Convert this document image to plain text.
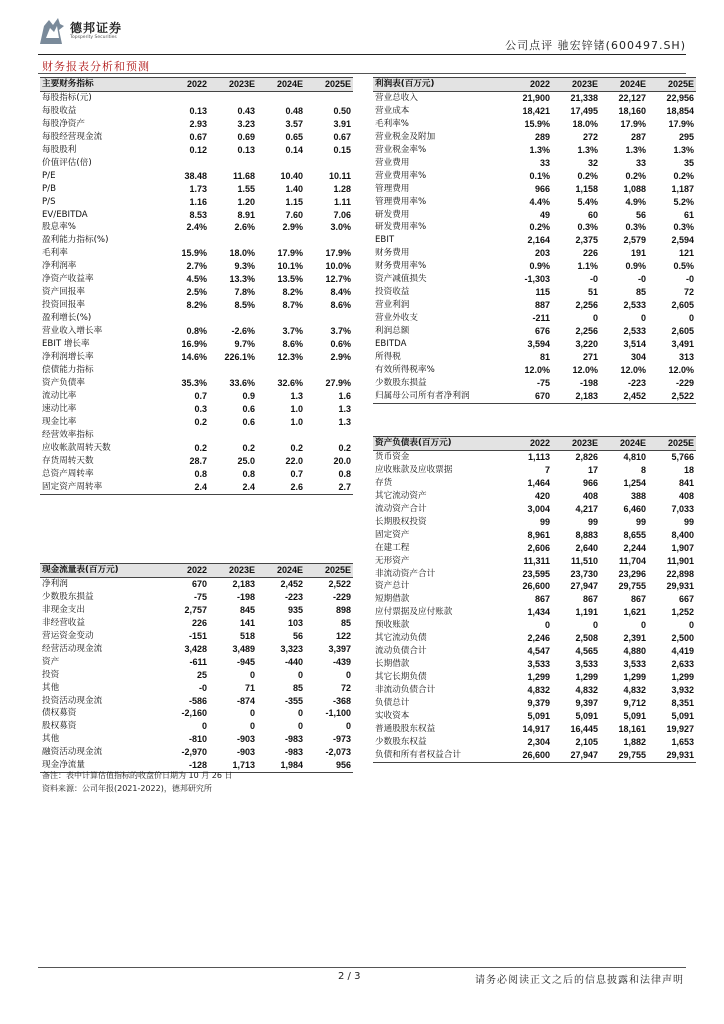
德邦证券
Topsperity Securities
公司点评 驰宏锌锗(600497.SH)
财务报表分析和预测
主要财务指标	2022	2023E	2024E	2025E
每股指标(元)				
每股收益	0.13	0.43	0.48	0.50
每股净资产	2.93	3.23	3.57	3.91
每股经营现金流	0.67	0.69	0.65	0.67
每股股利	0.12	0.13	0.14	0.15
价值评估(倍)				
P/E	38.48	11.68	10.40	10.11
P/B	1.73	1.55	1.40	1.28
P/S	1.16	1.20	1.15	1.11
EV/EBITDA	8.53	8.91	7.60	7.06
股息率%	2.4%	2.6%	2.9%	3.0%
盈利能力指标(%)				
毛利率	15.9%	18.0%	17.9%	17.9%
净利润率	2.7%	9.3%	10.1%	10.0%
净资产收益率	4.5%	13.3%	13.5%	12.7%
资产回报率	2.5%	7.8%	8.2%	8.4%
投资回报率	8.2%	8.5%	8.7%	8.6%
盈利增长(%)				
营业收入增长率	0.8%	-2.6%	3.7%	3.7%
EBIT 增长率	16.9%	9.7%	8.6%	0.6%
净利润增长率	14.6%	226.1%	12.3%	2.9%
偿债能力指标				
资产负债率	35.3%	33.6%	32.6%	27.9%
流动比率	0.7	0.9	1.3	1.6
速动比率	0.3	0.6	1.0	1.3
现金比率	0.2	0.6	1.0	1.3
经营效率指标				
应收帐款周转天数	0.2	0.2	0.2	0.2
存货周转天数	28.7	25.0	22.0	20.0
总资产周转率	0.8	0.8	0.7	0.8
固定资产周转率	2.4	2.4	2.6	2.7
利润表(百万元)	2022	2023E	2024E	2025E
营业总收入	21,900	21,338	22,127	22,956
营业成本	18,421	17,495	18,160	18,854
毛利率%	15.9%	18.0%	17.9%	17.9%
营业税金及附加	289	272	287	295
营业税金率%	1.3%	1.3%	1.3%	1.3%
营业费用	33	32	33	35
营业费用率%	0.1%	0.2%	0.2%	0.2%
管理费用	966	1,158	1,088	1,187
管理费用率%	4.4%	5.4%	4.9%	5.2%
研发费用	49	60	56	61
研发费用率%	0.2%	0.3%	0.3%	0.3%
EBIT	2,164	2,375	2,579	2,594
财务费用	203	226	191	121
财务费用率%	0.9%	1.1%	0.9%	0.5%
资产减值损失	-1,303	-0	-0	-0
投资收益	115	51	85	72
营业利润	887	2,256	2,533	2,605
营业外收支	-211	0	0	0
利润总额	676	2,256	2,533	2,605
EBITDA	3,594	3,220	3,514	3,491
所得税	81	271	304	313
有效所得税率%	12.0%	12.0%	12.0%	12.0%
少数股东损益	-75	-198	-223	-229
归属母公司所有者净利润	670	2,183	2,452	2,522
资产负债表(百万元)	2022	2023E	2024E	2025E
货币资金	1,113	2,826	4,810	5,766
应收账款及应收票据	7	17	8	18
存货	1,464	966	1,254	841
其它流动资产	420	408	388	408
流动资产合计	3,004	4,217	6,460	7,033
长期股权投资	99	99	99	99
固定资产	8,961	8,883	8,655	8,400
在建工程	2,606	2,640	2,244	1,907
无形资产	11,311	11,510	11,704	11,901
非流动资产合计	23,595	23,730	23,296	22,898
资产总计	26,600	27,947	29,755	29,931
短期借款	867	867	867	667
应付票据及应付账款	1,434	1,191	1,621	1,252
预收账款	0	0	0	0
其它流动负债	2,246	2,508	2,391	2,500
流动负债合计	4,547	4,565	4,880	4,419
长期借款	3,533	3,533	3,533	2,633
其它长期负债	1,299	1,299	1,299	1,299
非流动负债合计	4,832	4,832	4,832	3,932
负债总计	9,379	9,397	9,712	8,351
实收资本	5,091	5,091	5,091	5,091
普通股股东权益	14,917	16,445	18,161	19,927
少数股东权益	2,304	2,105	1,882	1,653
负债和所有者权益合计	26,600	27,947	29,755	29,931
现金流量表(百万元)	2022	2023E	2024E	2025E
净利润	670	2,183	2,452	2,522
少数股东损益	-75	-198	-223	-229
非现金支出	2,757	845	935	898
非经营收益	226	141	103	85
营运资金变动	-151	518	56	122
经营活动现金流	3,428	3,489	3,323	3,397
资产	-611	-945	-440	-439
投资	25	0	0	0
其他	-0	71	85	72
投资活动现金流	-586	-874	-355	-368
债权募资	-2,160	0	0	-1,100
股权募资	0	0	0	0
其他	-810	-903	-983	-973
融资活动现金流	-2,970	-903	-983	-2,073
现金净流量	-128	1,713	1,984	956
备注：表中计算估值指标的收盘价日期为 10 月 26 日
资料来源：公司年报(2021-2022)，德邦研究所
2 / 3	请务必阅读正文之后的信息披露和法律声明
